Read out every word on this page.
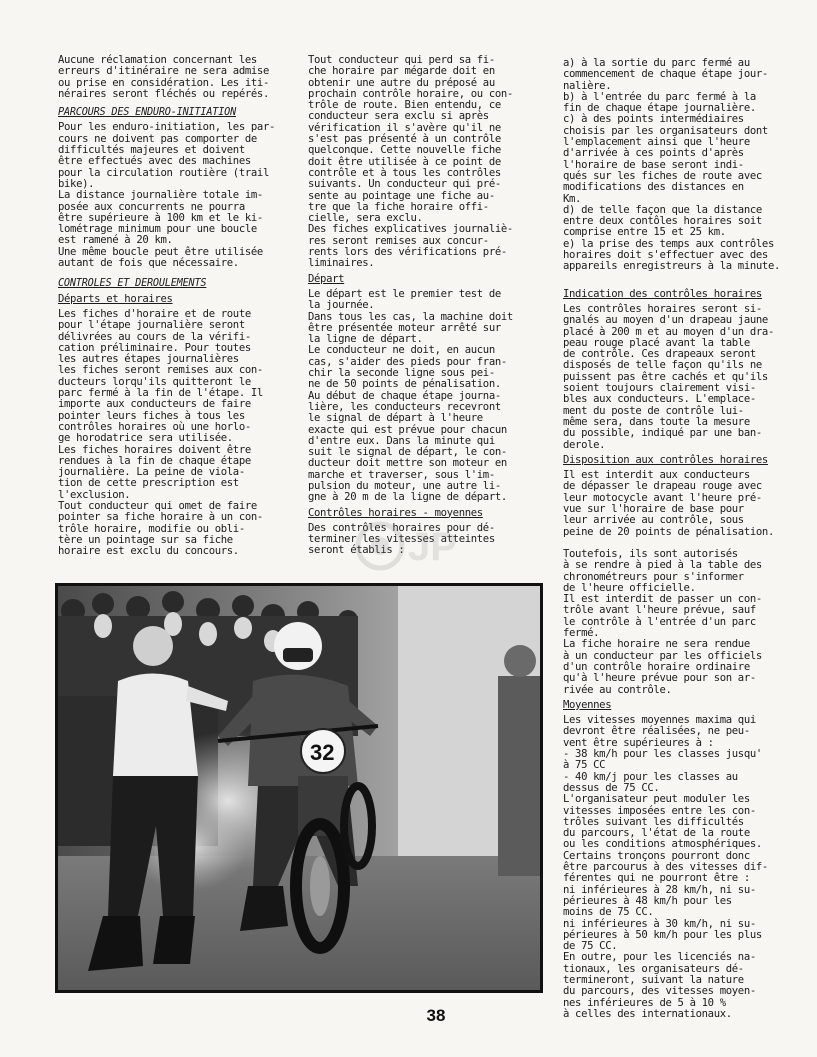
Aucune réclamation concernant les
erreurs d'itinéraire ne sera admise
ou prise en considération. Les iti-
néraires seront fléchés ou repérés.

PARCOURS DES ENDURO-INITIATION

Pour les enduro-initiation, les par-
cours ne doivent pas comporter de
difficultés majeures et doivent
être effectués avec des machines
pour la circulation routière (trail
bike).
La distance journalière totale im-
posée aux concurrents ne pourra
être supérieure à 100 km et le ki-
lométrage minimum pour une boucle
est ramené à 20 km.
Une même boucle peut être utilisée
autant de fois que nécessaire.

CONTROLES ET DEROULEMENTS

Départs et horaires

Les fiches d'horaire et de route
pour l'étape journalière seront
délivrées au cours de la vérifi-
cation préliminaire. Pour toutes
les autres étapes journalières
les fiches seront remises aux con-
ducteurs lorqu'ils quitteront le
parc fermé à la fin de l'étape. Il
importe aux conducteurs de faire
pointer leurs fiches à tous les
contrôles horaires où une horlo-
ge horodatrice sera utilisée.
Les fiches horaires doivent être
rendues à la fin de chaque étape
journalière. La peine de viola-
tion de cette prescription est
l'exclusion.
Tout conducteur qui omet de faire
pointer sa fiche horaire à un con-
trôle horaire, modifie ou obli-
tère un pointage sur sa fiche
horaire est exclu du concours.

Tout conducteur qui perd sa fi-
che horaire par mégarde doit en
obtenir une autre du préposé au
prochain contrôle horaire, ou con-
trôle de route. Bien entendu, ce
conducteur sera exclu si après
vérification il s'avère qu'il ne
s'est pas présenté à un contrôle
quelconque. Cette nouvelle fiche
doit être utilisée à ce point de
contrôle et à tous les contrôles
suivants. Un conducteur qui pré-
sente au pointage une fiche au-
tre que la fiche horaire offi-
cielle, sera exclu.
Des fiches explicatives journaliè-
res seront remises aux concur-
rents lors des vérifications pré-
liminaires.

Départ

Le départ est le premier test de
la journée.
Dans tous les cas, la machine doit
être présentée moteur arrêté sur
la ligne de départ.
Le conducteur ne doit, en aucun
cas, s'aider des pieds pour fran-
chir la seconde ligne sous pei-
ne de 50 points de pénalisation.
Au début de chaque étape journa-
lière, les conducteurs recevront
le signal de départ à l'heure
exacte qui est prévue pour chacun
d'entre eux. Dans la minute qui
suit le signal de départ, le con-
ducteur doit mettre son moteur en
marche et traverser, sous l'im-
pulsion du moteur, une autre li-
gne à 20 m de la ligne de départ.

Contrôles horaires - moyennes

Des contrôles horaires pour dé-
terminer les vitesses atteintes
seront établis :

a) à la sortie du parc fermé au
commencement de chaque étape jour-
nalière.
b) à l'entrée du parc fermé à la
fin de chaque étape journalière.
c) à des points intermédiaires
choisis par les organisateurs dont
l'emplacement ainsi que l'heure
d'arrivée à ces points d'après
l'horaire de base seront indi-
qués sur les fiches de route avec
modifications des distances en
Km.
d) de telle façon que la distance
entre deux contôles horaires soit
comprise entre 15 et 25 km.
e) la prise des temps aux contrôles
horaires doit s'effectuer avec des
appareils enregistreurs à la minute.

Indication des contrôles horaires

Les contrôles horaires seront si-
gnalés au moyen d'un drapeau jaune
placé à 200 m et au moyen d'un dra-
peau rouge placé avant la table
de contrôle. Ces drapeaux seront
disposés de telle façon qu'ils ne
puissent pas être cachés et qu'ils
soient toujours clairement visi-
bles aux conducteurs. L'emplace-
ment du poste de contrôle lui-
même sera, dans toute la mesure
du possible, indiqué par une ban-
derole.

Disposition aux contrôles horaires

Il est interdit aux conducteurs
de dépasser le drapeau rouge avec
leur motocycle avant l'heure pré-
vue sur l'horaire de base pour
leur arrivée au contrôle, sous
peine de 20 points de pénalisation.

Toutefois, ils sont autorisés
à se rendre à pied à la table des
chronométreurs pour s'informer
de l'heure officielle.
Il est interdit de passer un con-
trôle avant l'heure prévue, sauf
le contrôle à l'entrée d'un parc
fermé.
La fiche horaire ne sera rendue
à un conducteur par les officiels
d'un contrôle horaire ordinaire
qu'à l'heure prévue pour son ar-
rivée au contrôle.

Moyennes

Les vitesses moyennes maxima qui
devront être réalisées, ne peu-
vent être supérieures à :
- 38 km/h pour les classes jusqu'
à 75 CC
- 40 km/j pour les classes au
dessus de 75 CC.
L'organisateur peut moduler les
vitesses imposées entre les con-
trôles suivant les difficultés
du parcours, l'état de la route
ou les conditions atmosphériques.
Certains tronçons pourront donc
être parcourus à des vitesses dif-
férentes qui ne pourront être :
ni inférieures à 28 km/h, ni su-
périeures à 48 km/h pour les
moins de 75 CC.
ni inférieures à 30 km/h, ni su-
périeures à 50 km/h pour les plus
de 75 CC.
En outre, pour les licenciés na-
tionaux, les organisateurs dé-
termineront, suivant la nature
du parcours, des vitesses moyen-
nes inférieures de 5 à 10 %
à celles des internationaux.

JP
32
38
